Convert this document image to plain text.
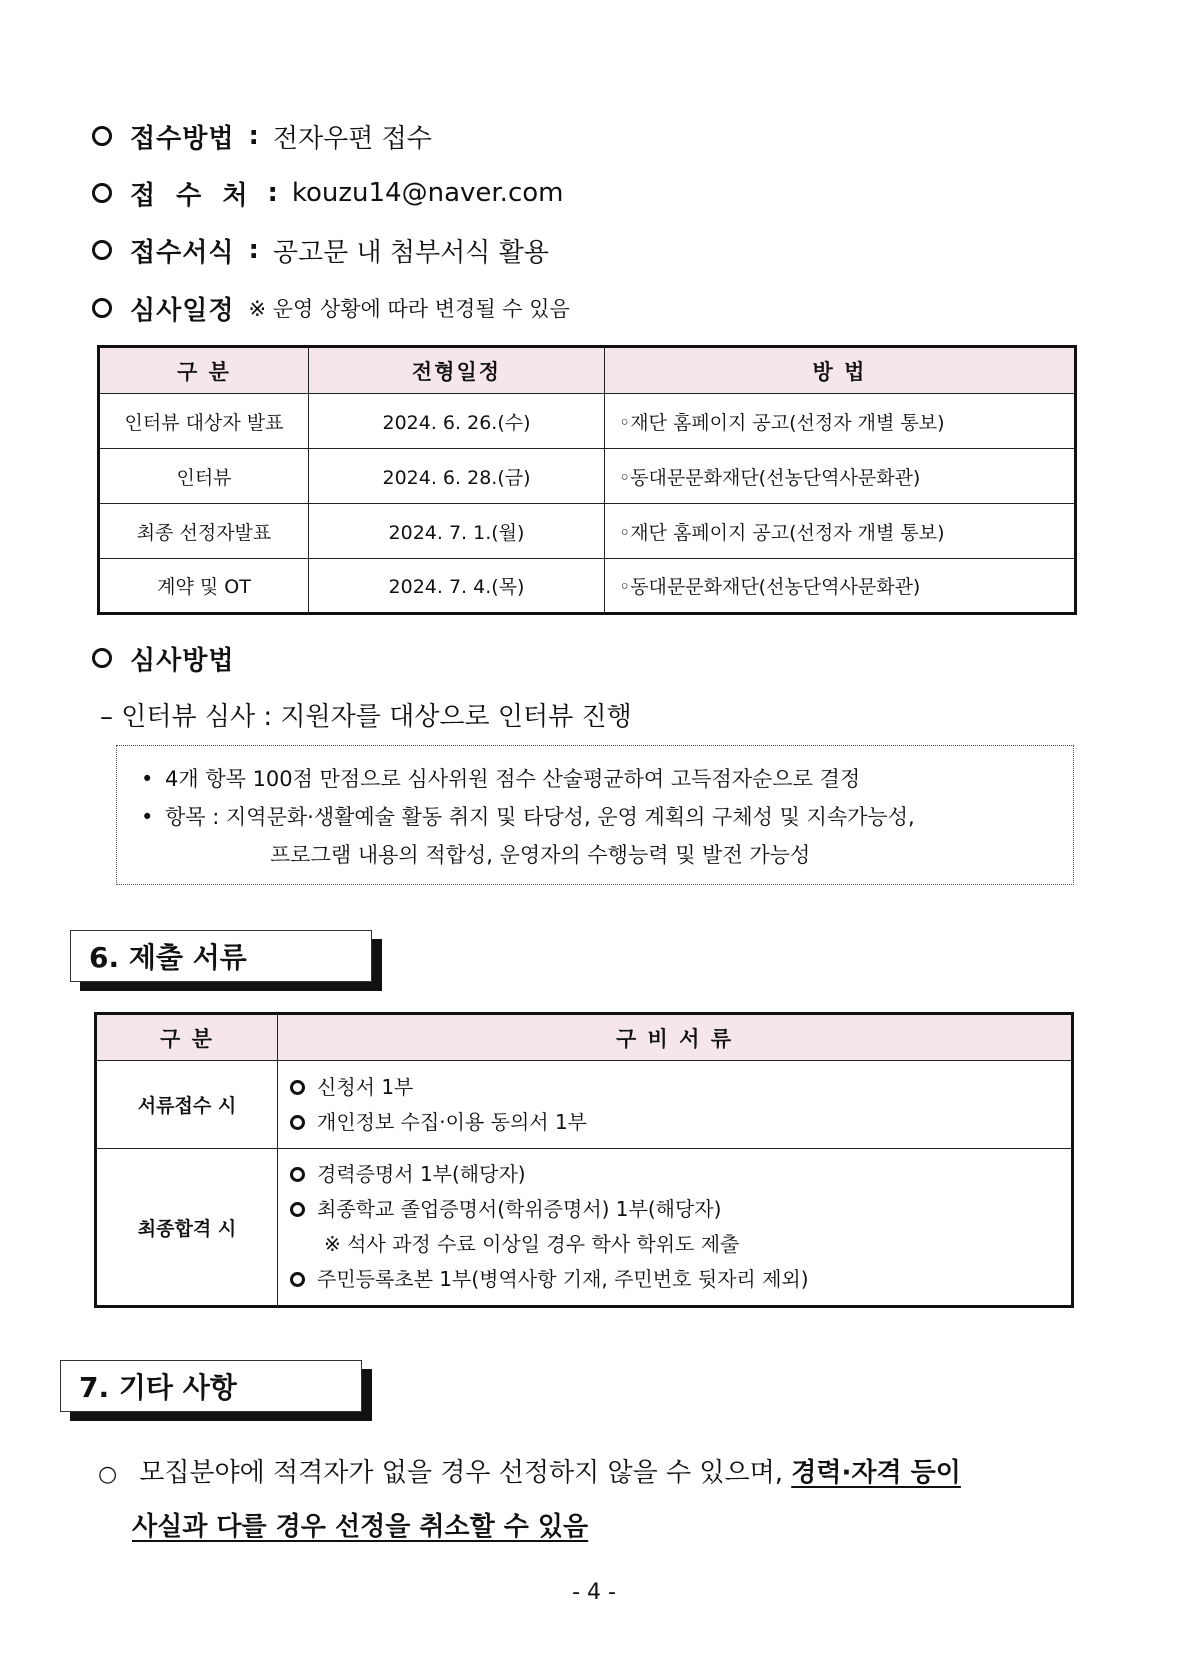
접수방법 : 전자우편 접수
접 수 처 : kouzu14@naver.com
접수서식 : 공고문 내 첨부서식 활용
심사일정 ※ 운영 상황에 따라 변경될 수 있음
구 분	전형일정	방 법
인터뷰 대상자 발표	2024. 6. 26.(수)	◦재단 홈페이지 공고(선정자 개별 통보)
인터뷰	2024. 6. 28.(금)	◦동대문문화재단(선농단역사문화관)
최종 선정자발표	2024. 7. 1.(월)	◦재단 홈페이지 공고(선정자 개별 통보)
계약 및 OT	2024. 7. 4.(목)	◦동대문문화재단(선농단역사문화관)
심사방법
– 인터뷰 심사 : 지원자를 대상으로 인터뷰 진행
• 4개 항목 100점 만점으로 심사위원 점수 산술평균하여 고득점자순으로 결정
• 항목 : 지역문화·생활예술 활동 취지 및 타당성, 운영 계획의 구체성 및 지속가능성,
프로그램 내용의 적합성, 운영자의 수행능력 및 발전 가능성
6. 제출 서류
구 분	구 비 서 류
서류접수 시	신청서 1부
개인정보 수집·이용 동의서 1부

최종합격 시	경력증명서 1부(해당자)
최종학교 졸업증명서(학위증명서) 1부(해당자)
※ 석사 과정 수료 이상일 경우 학사 학위도 제출
주민등록초본 1부(병역사항 기재, 주민번호 뒷자리 제외)
7. 기타 사항
○ 모집분야에 적격자가 없을 경우 선정하지 않을 수 있으며, 경력·자격 등이
사실과 다를 경우 선정을 취소할 수 있음
- 4 -
